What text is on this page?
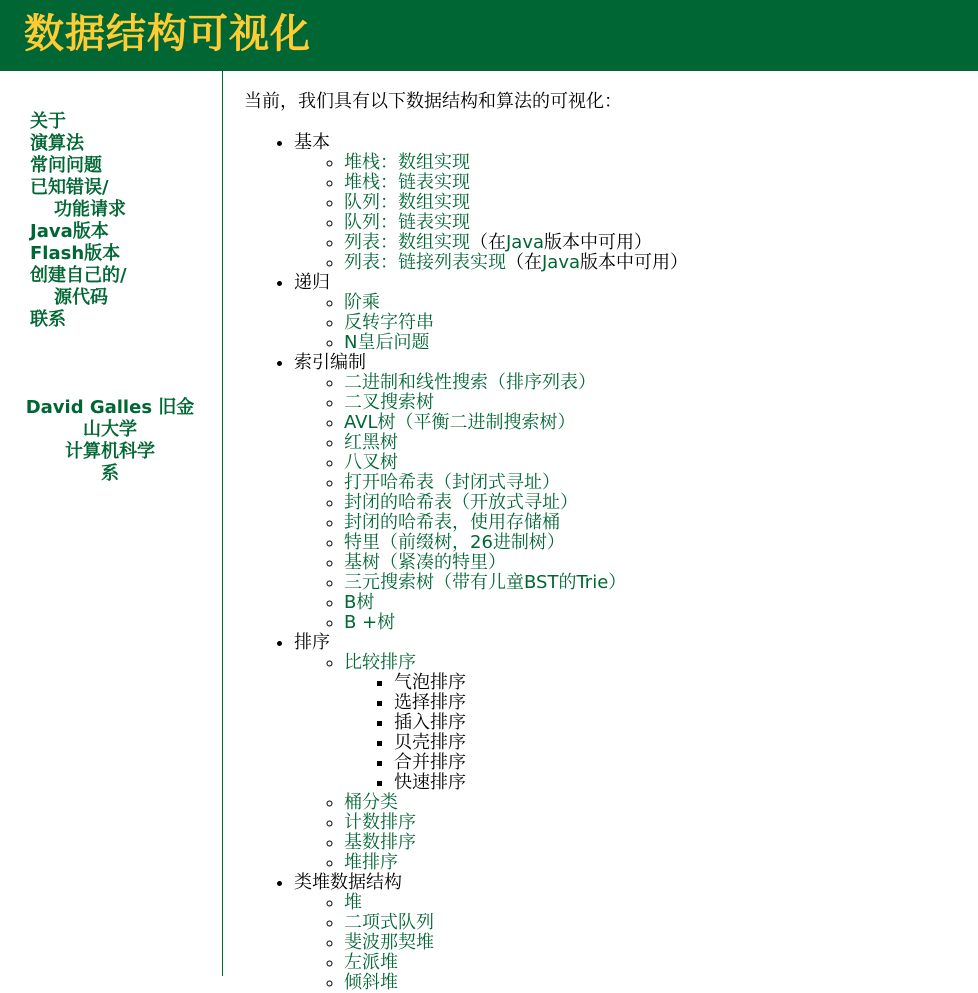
数据结构可视化
关于
演算法
常问问题
已知错误/
功能请求
Java版本
Flash版本
创建自己的/
源代码
联系
David Galles 旧金
山大学
计算机科学
系

当前，我们具有以下数据结构和算法的可视化：

• 基本
◦ 堆栈：数组实现
◦ 堆栈：链表实现
◦ 队列：数组实现
◦ 队列：链表实现
◦ 列表：数组实现（在Java版本中可用）
◦ 列表：链接列表实现（在Java版本中可用）
• 递归
◦ 阶乘
◦ 反转字符串
◦ N皇后问题
• 索引编制
◦ 二进制和线性搜索（排序列表）
◦ 二叉搜索树
◦ AVL树（平衡二进制搜索树）
◦ 红黑树
◦ 八叉树
◦ 打开哈希表（封闭式寻址）
◦ 封闭的哈希表（开放式寻址）
◦ 封闭的哈希表，使用存储桶
◦ 特里（前缀树，26进制树）
◦ 基树（紧凑的特里）
◦ 三元搜索树（带有儿童BST的Trie）
◦ B树
◦ B +树
• 排序
◦ 比较排序
▪ 气泡排序
▪ 选择排序
▪ 插入排序
▪ 贝壳排序
▪ 合并排序
▪ 快速排序
◦ 桶分类
◦ 计数排序
◦ 基数排序
◦ 堆排序
• 类堆数据结构
◦ 堆
◦ 二项式队列
◦ 斐波那契堆
◦ 左派堆
◦ 倾斜堆
